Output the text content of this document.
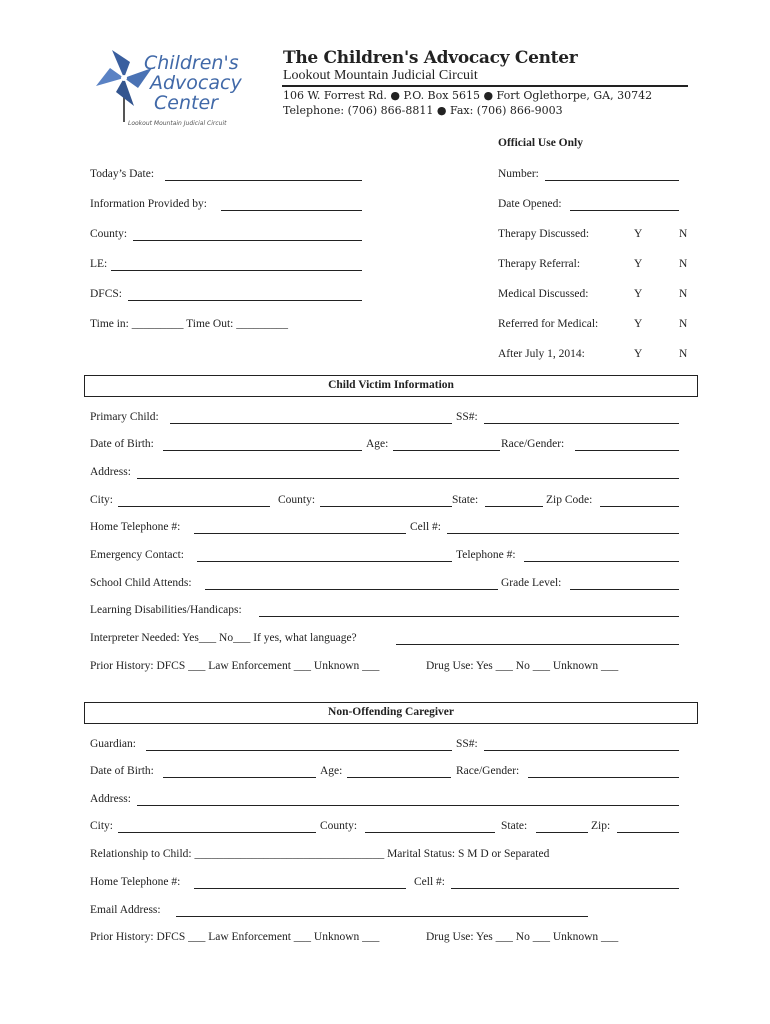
Children's
Advocacy
Center
Lookout Mountain Judicial Circuit
The Children's Advocacy Center
Lookout Mountain Judicial Circuit
106 W. Forrest Rd. ● P.O. Box 5615 ● Fort Oglethorpe, GA, 30742
Telephone: (706) 866-8811 ● Fax: (706) 866-9003
Official Use Only
Today’s Date:
Information Provided by:
County:
LE:
DFCS:
Time in: _________ Time Out: _________
Number:
Date Opened:
Therapy Discussed:	Y	N
Therapy Referral:	Y	N
Medical Discussed:	Y	N
Referred for Medical:	Y	N
After July 1, 2014:	Y	N
Child Victim Information
Primary Child:	SS#:
Date of Birth:	Age:	Race/Gender:
Address:
City:	County:	State:	Zip Code:
Home Telephone #:	Cell #:
Emergency Contact:	Telephone #:
School Child Attends:	Grade Level:
Learning Disabilities/Handicaps:
Interpreter Needed: Yes___ No___ If yes, what language?
Prior History: DFCS ___ Law Enforcement ___ Unknown ___	Drug Use: Yes ___ No ___ Unknown ___
Non-Offending Caregiver
Guardian:	SS#:
Date of Birth:	Age:	Race/Gender:
Address:
City:	County:	State:	Zip:
Relationship to Child: _________________________________ Marital Status: S M D or Separated
Home Telephone #:	Cell #:
Email Address:
Prior History: DFCS ___ Law Enforcement ___ Unknown ___	Drug Use: Yes ___ No ___ Unknown ___
